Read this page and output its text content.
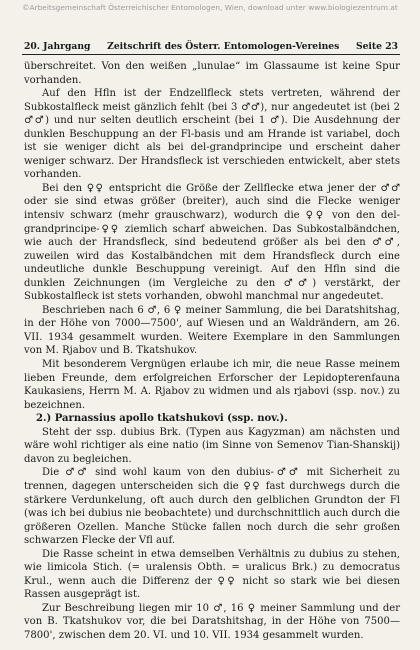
©Arbeitsgemeinschaft Österreichischer Entomologen, Wien, download unter www.biologiezentrum.at
20. Jahrgang Zeitschrift des Österr. Entomologen-Vereines Seite 23

überschreitet. Von den weißen „lunulae“ im Glassaume ist keine Spur vorhanden.

Auf den Hfln ist der Endzellfleck stets vertreten, während der Subkostalfleck meist gänzlich fehlt (bei 3 ♂♂), nur angedeutet ist (bei 2 ♂♂) und nur selten deutlich erscheint (bei 1 ♂). Die Ausdehnung der dunklen Beschuppung an der Fl-basis und am Hrande ist variabel, doch ist sie weniger dicht als bei del-grandprincipe und erscheint daher weniger schwarz. Der Hrandsfleck ist verschieden entwickelt, aber stets vorhanden.

Bei den ♀♀ entspricht die Größe der Zellflecke etwa jener der ♂♂ oder sie sind etwas größer (breiter), auch sind die Flecke weniger intensiv schwarz (mehr grauschwarz), wodurch die ♀♀ von den del-grandprincipe-♀♀ ziemlich scharf abweichen. Das Subkostalbändchen, wie auch der Hrandsfleck, sind bedeutend größer als bei den ♂♂, zuweilen wird das Kostalbändchen mit dem Hrandsfleck durch eine undeutliche dunkle Beschuppung vereinigt. Auf den Hfln sind die dunklen Zeichnungen (im Vergleiche zu den ♂♂) verstärkt, der Subkostalfleck ist stets vorhanden, obwohl manchmal nur angedeutet.

Beschrieben nach 6 ♂, 6 ♀ meiner Sammlung, die bei Daratshitshag, in der Höhe von 7000—7500', auf Wiesen und an Waldrändern, am 26. VII. 1934 gesammelt wurden. Weitere Exemplare in den Sammlungen von M. Rjabov und B. Tkatshukov.

Mit besonderem Vergnügen erlaube ich mir, die neue Rasse meinem lieben Freunde, dem erfolgreichen Erforscher der Lepidopterenfauna Kaukasiens, Herrn M. A. Rjabov zu widmen und als rjabovi (ssp. nov.) zu bezeichnen.

2.) Parnassius apollo tkatshukovi (ssp. nov.).

Steht der ssp. dubius Brk. (Typen aus Kagyzman) am nächsten und wäre wohl richtiger als eine natio (im Sinne von Semenov Tian-Shanskij) davon zu begleichen.

Die ♂♂ sind wohl kaum von den dubius-♂♂ mit Sicherheit zu trennen, dagegen unterscheiden sich die ♀♀ fast durchwegs durch die stärkere Verdunkelung, oft auch durch den gelblichen Grundton der Fl (was ich bei dubius nie beobachtete) und durchschnittlich auch durch die größeren Ozellen. Manche Stücke fallen noch durch die sehr großen schwarzen Flecke der Vfl auf.

Die Rasse scheint in etwa demselben Verhältnis zu dubius zu stehen, wie limicola Stich. (= uralensis Obth. = uralicus Brk.) zu democratus Krul., wenn auch die Differenz der ♀♀ nicht so stark wie bei diesen Rassen ausgeprägt ist.

Zur Beschreibung liegen mir 10 ♂, 16 ♀ meiner Sammlung und der von B. Tkatshukov vor, die bei Daratshitshag, in der Höhe von 7500—7800', zwischen dem 20. VI. und 10. VII. 1934 gesammelt wurden.
